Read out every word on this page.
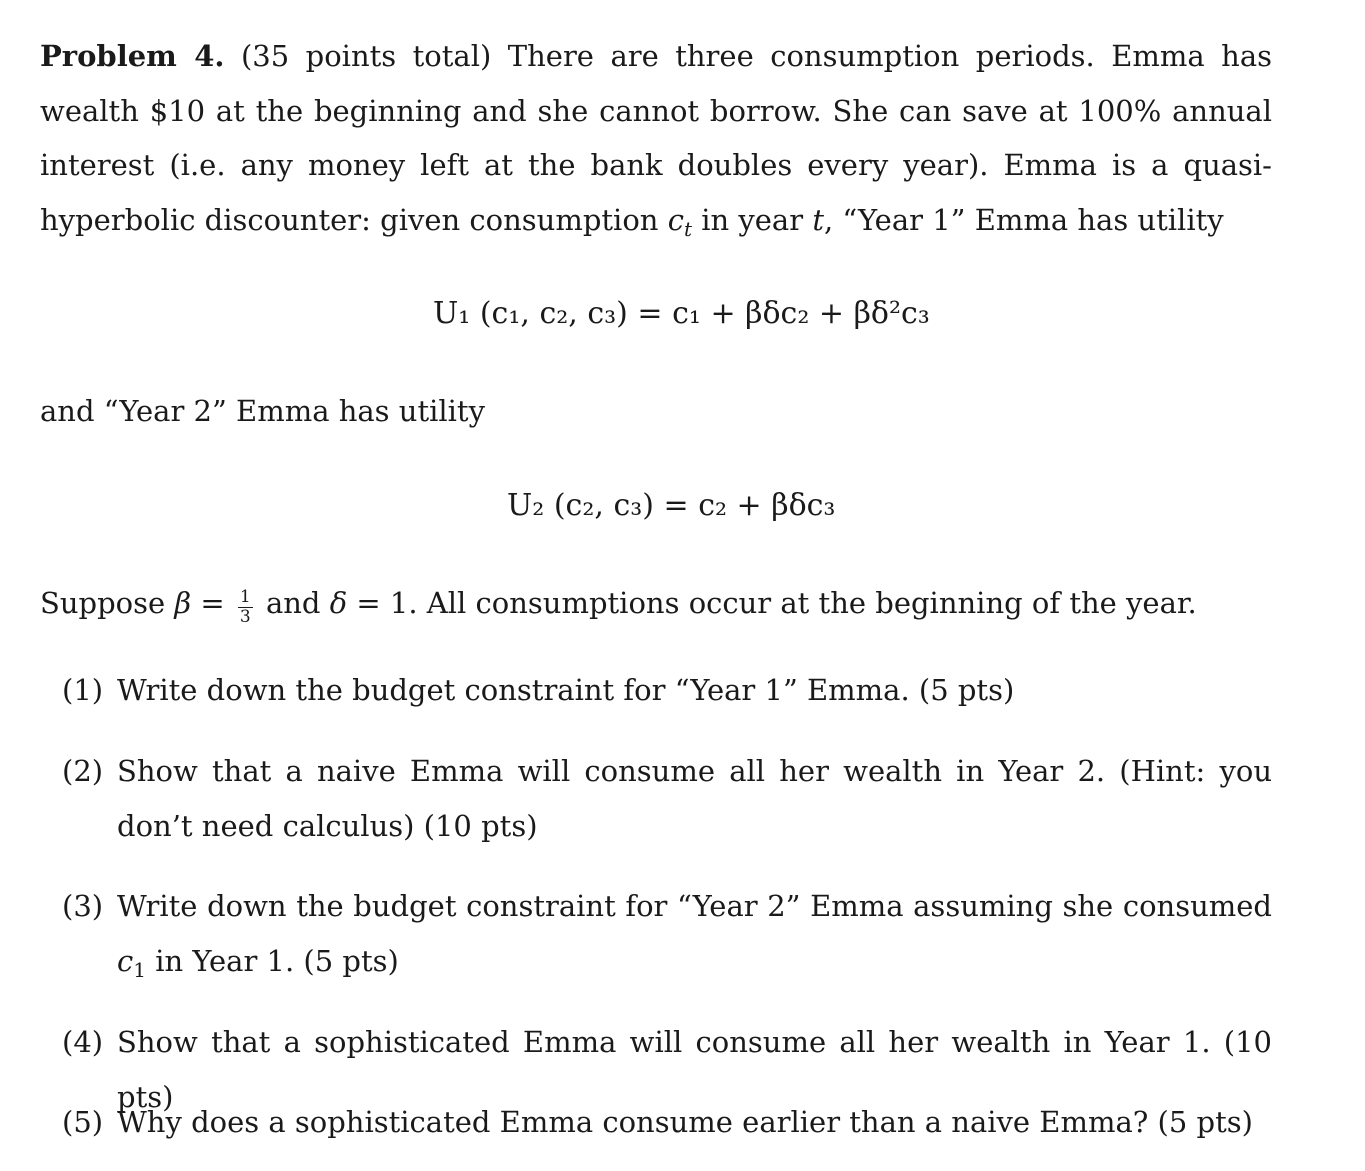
Problem 4. (35 points total) There are three consumption periods. Emma has wealth $10 at the beginning and she cannot borrow. She can save at 100% annual interest (i.e. any money left at the bank doubles every year). Emma is a quasi-hyperbolic discounter: given consumption $c_t$ in year t, “Year 1” Emma has utility
U₁ (c₁, c₂, c₃) = c₁ + βδc₂ + βδ²c₃
and “Year 2” Emma has utility
U₂ (c₂, c₃) = c₂ + βδc₃
Suppose $\beta = \frac{1}{3}$ and δ = 1. All consumptions occur at the beginning of the year.
(1) Write down the budget constraint for “Year 1” Emma. (5 pts)
(2) Show that a naive Emma will consume all her wealth in Year 2. (Hint: you don’t need calculus) (10 pts)
(3) Write down the budget constraint for “Year 2” Emma assuming she consumed $c_1$ in Year 1. (5 pts)
(4) Show that a sophisticated Emma will consume all her wealth in Year 1. (10 pts)
(5) Why does a sophisticated Emma consume earlier than a naive Emma? (5 pts)
